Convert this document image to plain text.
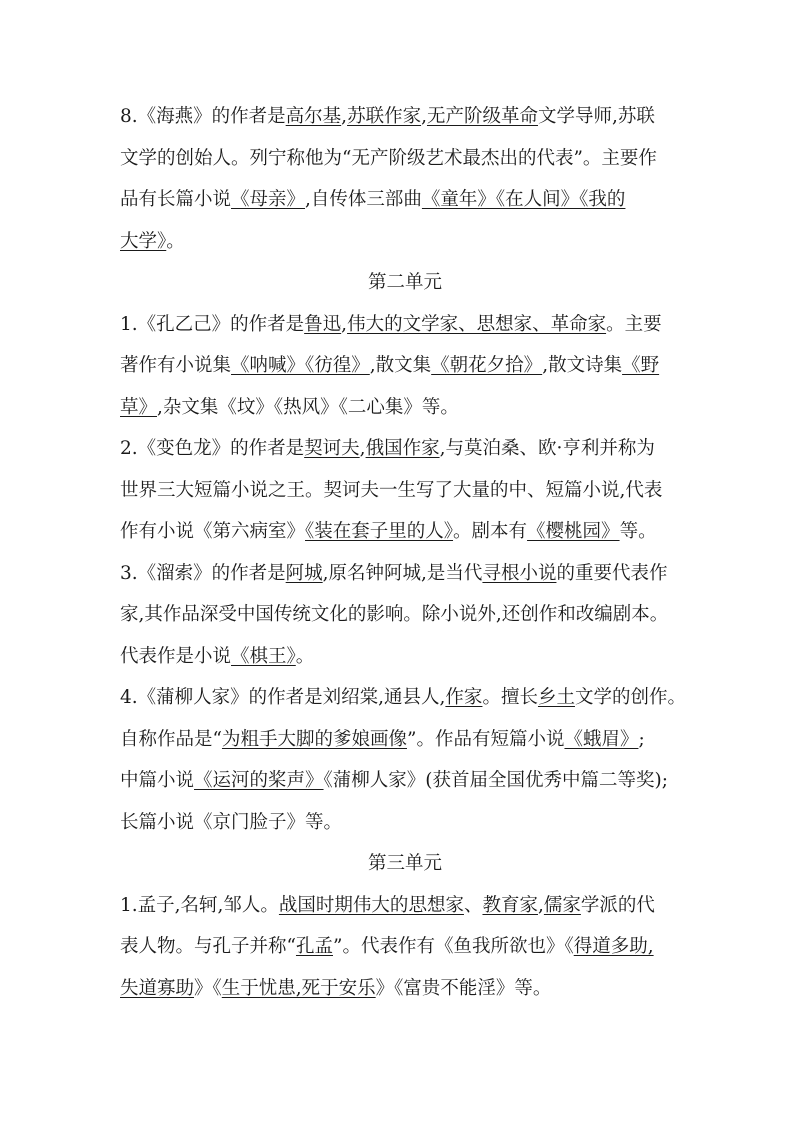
8.《海燕》的作者是高尔基,苏联作家,无产阶级革命文学导师,苏联
文学的创始人。列宁称他为“无产阶级艺术最杰出的代表”。主要作
品有长篇小说《母亲》,自传体三部曲《童年》《在人间》《我的
大学》。
第二单元
1.《孔乙己》的作者是鲁迅,伟大的文学家、思想家、革命家。主要
著作有小说集《呐喊》《彷徨》,散文集《朝花夕拾》,散文诗集《野
草》,杂文集《坟》《热风》《二心集》等。
2.《变色龙》的作者是契诃夫,俄国作家,与莫泊桑、欧·亨利并称为
世界三大短篇小说之王。契诃夫一生写了大量的中、短篇小说,代表
作有小说《第六病室》《装在套子里的人》。剧本有《樱桃园》等。
3.《溜索》的作者是阿城,原名钟阿城,是当代寻根小说的重要代表作
家,其作品深受中国传统文化的影响。除小说外,还创作和改编剧本。
代表作是小说《棋王》。
4.《蒲柳人家》的作者是刘绍棠,通县人,作家。擅长乡土文学的创作。
自称作品是“为粗手大脚的爹娘画像”。作品有短篇小说《蛾眉》;
中篇小说《运河的桨声》《蒲柳人家》(获首届全国优秀中篇二等奖);
长篇小说《京门脸子》等。
第三单元
1.孟子,名轲,邹人。战国时期伟大的思想家、教育家,儒家学派的代
表人物。与孔子并称“孔孟”。代表作有《鱼我所欲也》《得道多助,
失道寡助》《生于忧患,死于安乐》《富贵不能淫》等。
